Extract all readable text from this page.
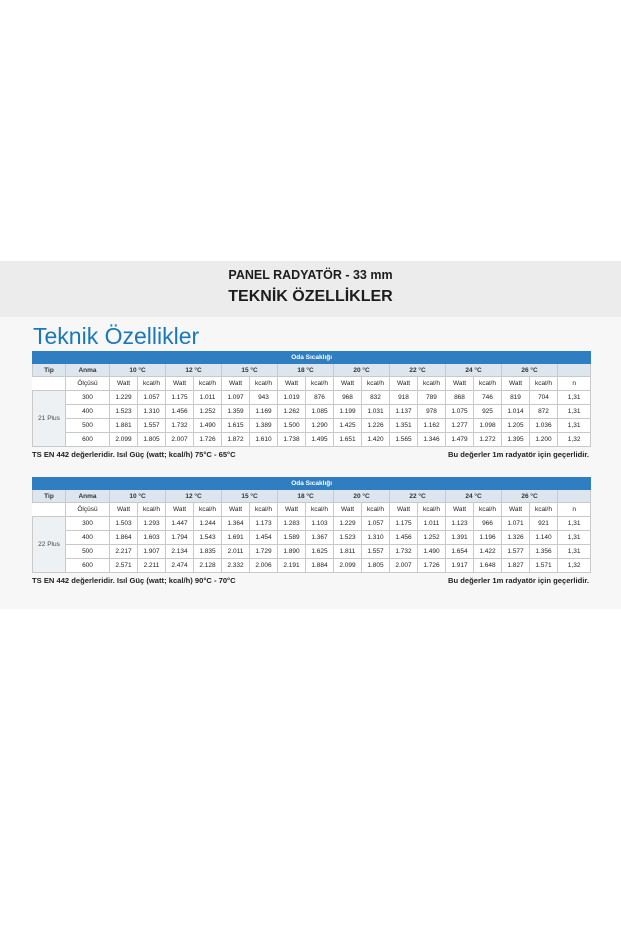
PANEL RADYATÖR - 33 mm
TEKNİK ÖZELLİKLER
Teknik Özellikler
Oda Sıcaklığı																		
Tip	Anma	10 °C		12 °C		15 °C		18 °C		20 °C		22 °C		24 °C		26 °C		
	Ölçüsü	Watt	kcal/h	Watt	kcal/h	Watt	kcal/h	Watt	kcal/h	Watt	kcal/h	Watt	kcal/h	Watt	kcal/h	Watt	kcal/h	n
21 Plus	300	1.229	1.057	1.175	1.011	1.097	943	1.019	876	968	832	918	789	868	746	819	704	1,31
	400	1.523	1.310	1.456	1.252	1.359	1.169	1.262	1.085	1.199	1.031	1.137	978	1.075	925	1.014	872	1,31
	500	1.881	1.557	1.732	1.490	1.615	1.389	1.500	1.290	1.425	1.226	1.351	1.162	1.277	1.098	1.205	1.036	1,31
	600	2.099	1.805	2.007	1.726	1.872	1.610	1.738	1.495	1.651	1.420	1.565	1.346	1.479	1.272	1.395	1.200	1,32
TS EN 442 değerleridir. Isıl Güç (watt; kcal/h) 75°C - 65°C	Bu değerler 1m radyatör için geçerlidir.
Oda Sıcaklığı																		
Tip	Anma	10 °C		12 °C		15 °C		18 °C		20 °C		22 °C		24 °C		26 °C		
	Ölçüsü	Watt	kcal/h	Watt	kcal/h	Watt	kcal/h	Watt	kcal/h	Watt	kcal/h	Watt	kcal/h	Watt	kcal/h	Watt	kcal/h	n
22 Plus	300	1.503	1.293	1.447	1.244	1.364	1.173	1.283	1.103	1.229	1.057	1.175	1.011	1.123	966	1.071	921	1,31
	400	1.864	1.603	1.794	1.543	1.691	1.454	1.589	1.367	1.523	1.310	1.456	1.252	1.391	1.196	1.326	1.140	1,31
	500	2.217	1.907	2.134	1.835	2.011	1.729	1.890	1.625	1.811	1.557	1.732	1.490	1.654	1.422	1.577	1.356	1,31
	600	2.571	2.211	2.474	2.128	2.332	2.006	2.191	1.884	2.099	1.805	2.007	1.726	1.917	1.648	1.827	1.571	1,32
TS EN 442 değerleridir. Isıl Güç (watt; kcal/h) 90°C - 70°C	Bu değerler 1m radyatör için geçerlidir.
